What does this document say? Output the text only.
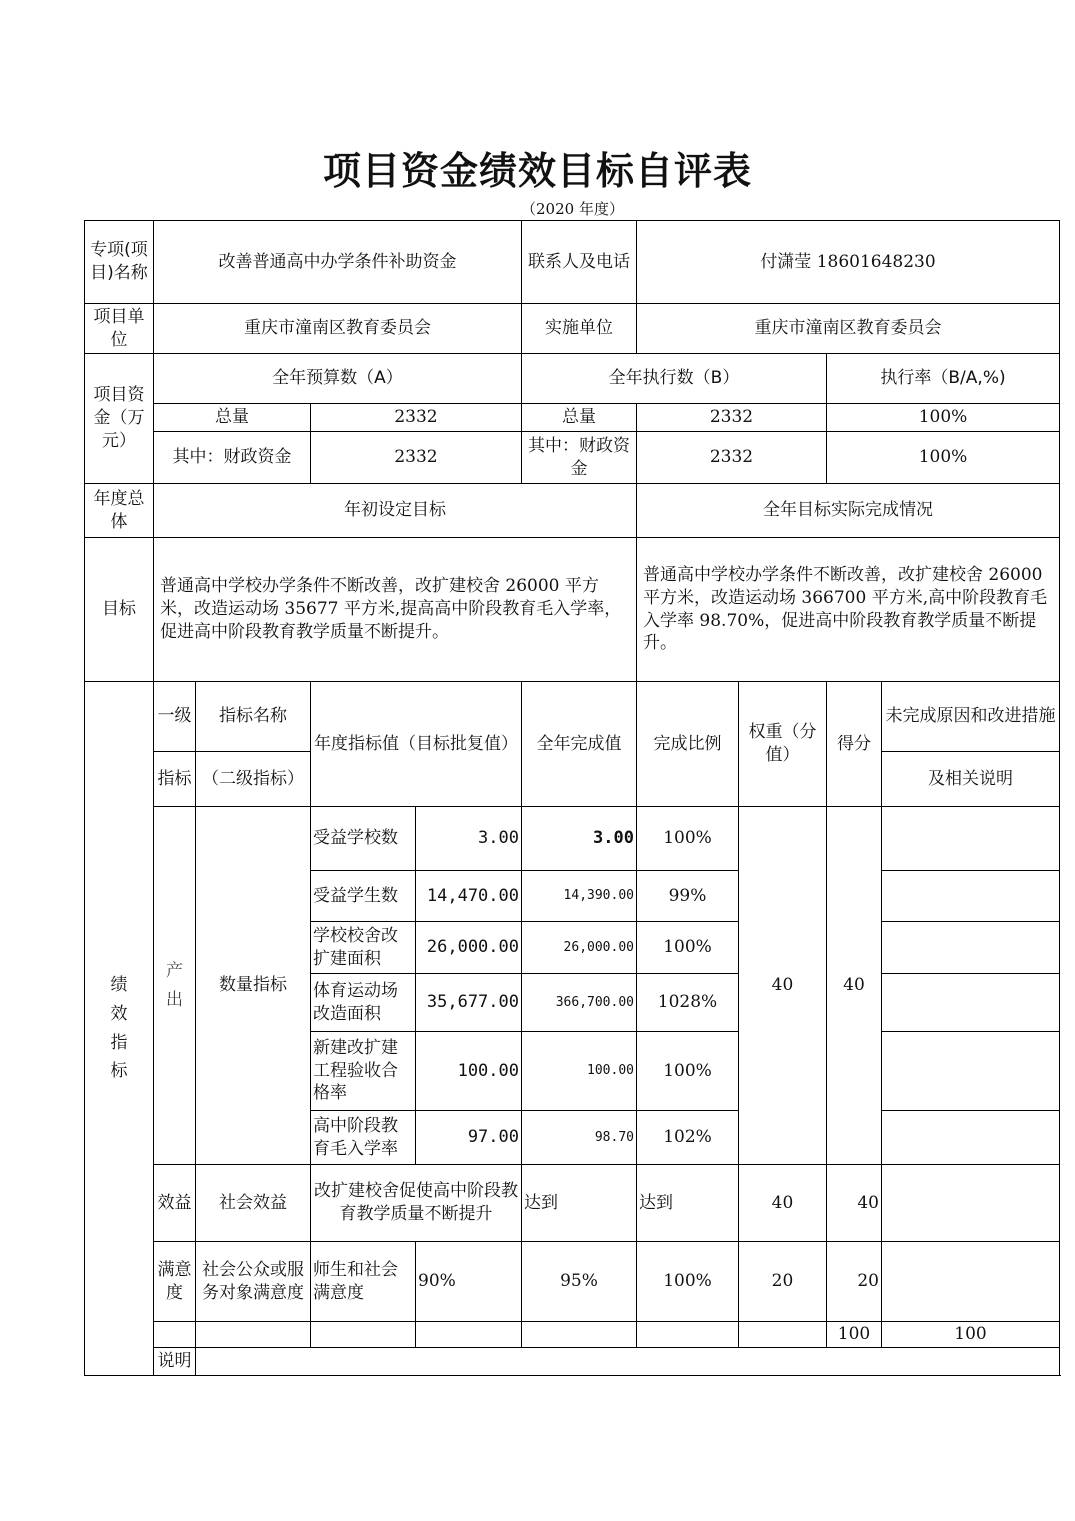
项目资金绩效目标自评表
（2020 年度）
专项(项目)名称	改善普通高中办学条件补助资金				联系人及电话	付潇莹 18601648230				
项目单位	重庆市潼南区教育委员会				实施单位	重庆市潼南区教育委员会				
项目资金（万元）	全年预算数（A）				全年执行数（B）			执行率（B/A,%)		
	总量		2332		总量	2332		100%		
	其中：财政资金		2332		其中：财政资金	2332		100%		
年度总体	年初设定目标					全年目标实际完成情况				
目标	普通高中学校办学条件不断改善，改扩建校舍 26000 平方米，改造运动场 35677 平方米,提高高中阶段教育毛入学率，促进高中阶段教育教学质量不断提升。					普通高中学校办学条件不断改善，改扩建校舍 26000 平方米，改造运动场 366700 平方米,高中阶段教育毛入学率 98.70%，促进高中阶段教育教学质量不断提升。				
绩效指标	一级	指标名称	年度指标值（目标批复值）		全年完成值	完成比例	权重（分值）	得分	未完成原因和改进措施	
	指标	（二级指标）							及相关说明	
	产出	数量指标	受益学校数	3.00	3.00	100%	40	40		
			受益学生数	14,470.00	14,390.00	99%				
			学校校舍改扩建面积	26,000.00	26,000.00	100%				
			体育运动场改造面积	35,677.00	366,700.00	1028%				
			新建改扩建工程验收合格率	100.00	100.00	100%				
			高中阶段教育毛入学率	97.00	98.70	102%				
	效益	社会效益	改扩建校舍促使高中阶段教育教学质量不断提升		达到	达到	40	40		
	满意度	社会公众或服务对象满意度	师生和社会满意度	90%	95%	100%	20	20		
								100	100	
	说明									
